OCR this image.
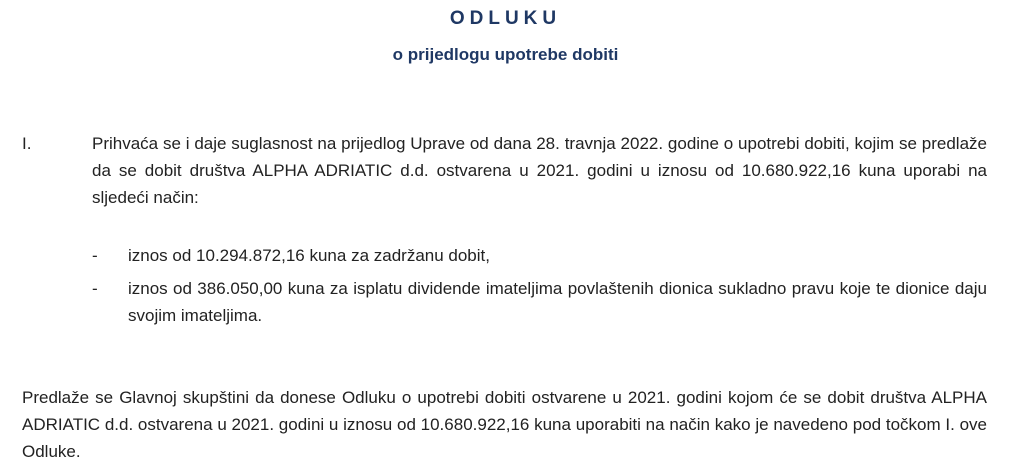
ODLUKU
o prijedlogu upotrebe dobiti
I.	Prihvaća se i daje suglasnost na prijedlog Uprave od dana 28. travnja 2022. godine o upotrebi dobiti, kojim se predlaže da se dobit društva ALPHA ADRIATIC d.d. ostvarena u 2021. godini u iznosu od 10.680.922,16 kuna uporabi na sljedeći način:
- iznos od 10.294.872,16 kuna za zadržanu dobit,
- iznos od 386.050,00 kuna za isplatu dividende imateljima povlaštenih dionica sukladno pravu koje te dionice daju svojim imateljima.
Predlaže se Glavnoj skupštini da donese Odluku o upotrebi dobiti ostvarene u 2021. godini kojom će se dobit društva ALPHA ADRIATIC d.d. ostvarena u 2021. godini u iznosu od 10.680.922,16 kuna uporabiti na način kako je navedeno pod točkom I. ove Odluke.
